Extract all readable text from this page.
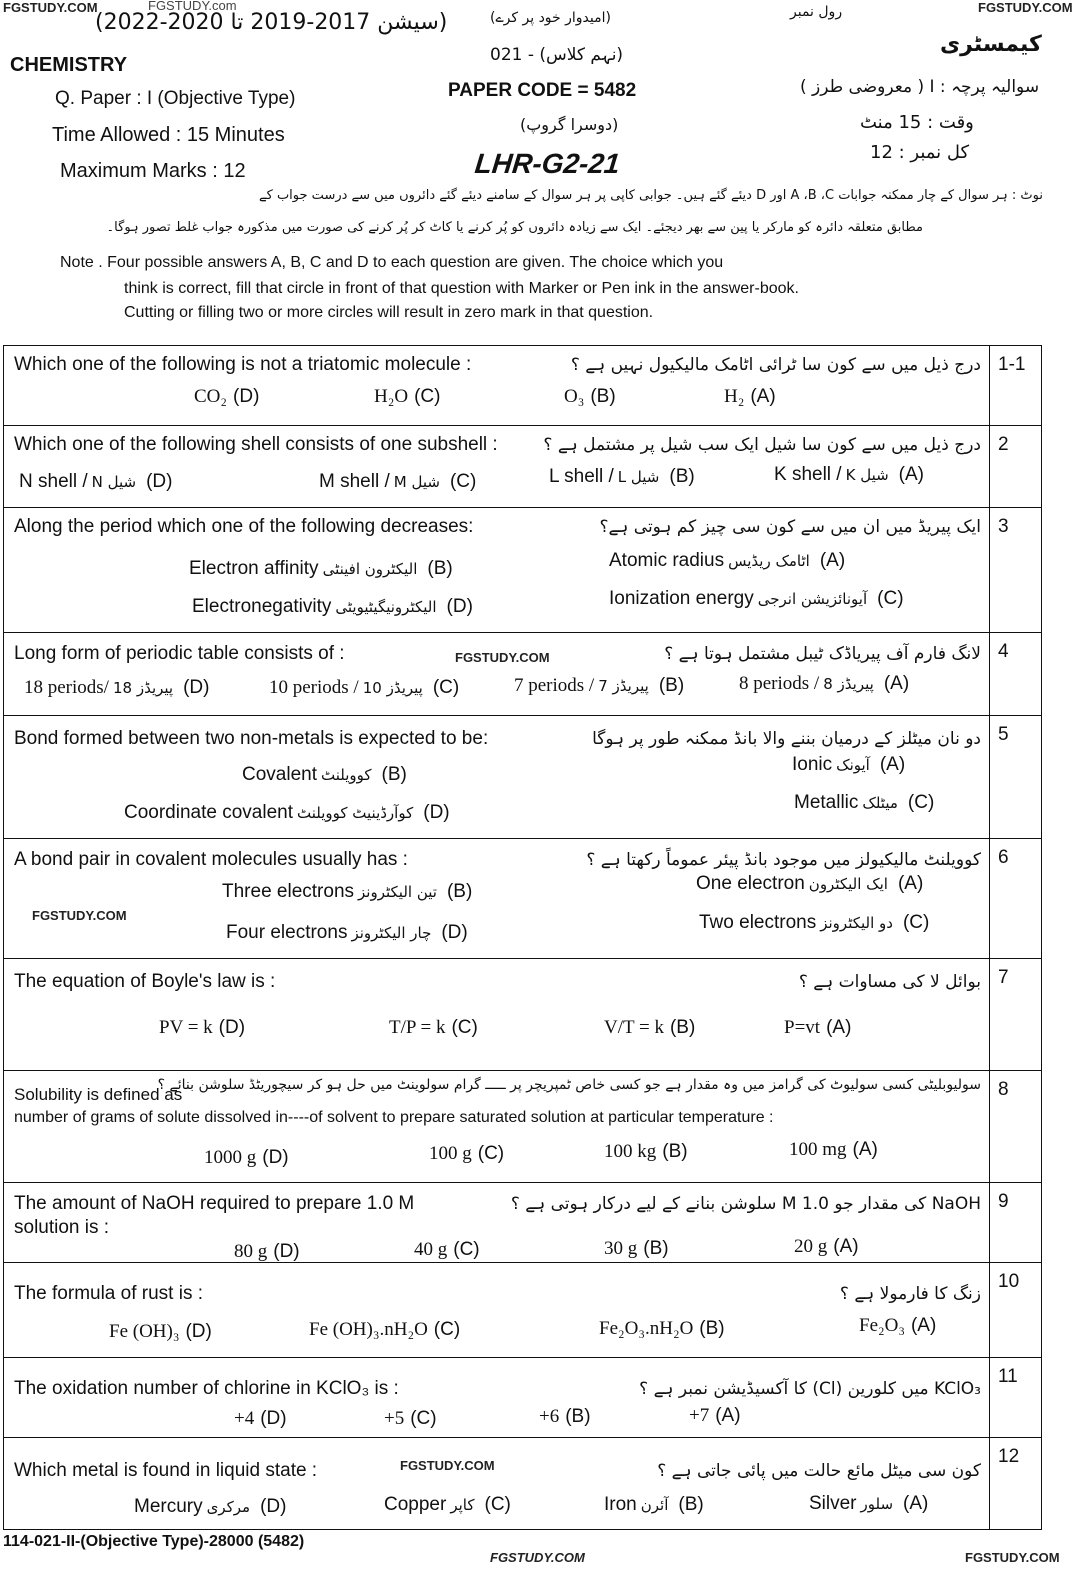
FGSTUDY.COM	FGSTUDY.com	FGSTUDY.COM
(سیشن 2017-2019 تا 2020-2022)	(امیدوار خود پر کرے)	رول نمبر
(نہم کلاس) - 021
CHEMISTRY
کیمسٹری
Q. Paper : I (Objective Type)
سوالیہ پرچہ : I ( معروضی طرز )
PAPER CODE = 5482
(دوسرا گروپ)
Time Allowed : 15 Minutes
وقت : 15 منٹ
Maximum Marks : 12
کل نمبر : 12
LHR-G2-21
نوٹ : ہر سوال کے چار ممکنہ جوابات A ،B ،C اور D دیئے گئے ہیں۔ جوابی کاپی پر ہر سوال کے سامنے دیئے گئے دائروں میں سے درست جواب کے
مطابق متعلقہ دائرہ کو مارکر یا پین سے بھر دیجئے۔ ایک سے زیادہ دائروں کو پُر کرنے یا کاٹ کر پُر کرنے کی صورت میں مذکورہ جواب غلط تصور ہوگا۔
Note . Four possible answers A, B, C and D to each question are given. The choice which you
think is correct, fill that circle in front of that question with Marker or Pen ink in the answer-book.
Cutting or filling two or more circles will result in zero mark in that question.
Which one of the following is not a triatomic molecule :	درج ذیل میں سے کون سا ٹرائی اٹامک مالیکیول نہیں ہے ؟ 1-1
CO₂ (D)	H₂O (C)	O₃ (B)	H₂ (A)
Which one of the following shell consists of one subshell :	درج ذیل میں سے کون سا شیل ایک سب شیل پر مشتمل ہے ؟ 2
N shell / N شیل (D)	M shell / M شیل (C)	L shell / L شیل (B)	K shell / K شیل (A)
Along the period which one of the following decreases:	ایک پیریڈ میں ان میں سے کون سی چیز کم ہوتی ہے؟ 3
Electron affinity الیکٹرون افینٹی (B)	Atomic radius اٹامک ریڈیس (A)
Electronegativity الیکٹرونیگیٹیویٹی (D)	Ionization energy آیونائزیشن انرجی (C)
Long form of periodic table consists of :	لانگ فارم آف پیریاڈک ٹیبل مشتمل ہوتا ہے ؟ 4
18 periods/ 18 پیریڈز (D)	10 periods / 10 پیریڈز (C)	7 periods / 7 پیریڈز (B)	8 periods / 8 پیریڈز (A)
Bond formed between two non-metals is expected to be:	دو نان میٹلز کے درمیان بننے والا بانڈ ممکنہ طور پر ہوگا 5
Covalent کوویلنٹ (B)	Ionic آیونک (A)
Coordinate covalent کوآرڈینیٹ کوویلنٹ (D)	Metallic میٹلک (C)
A bond pair in covalent molecules usually has :	کوویلنٹ مالیکیولز میں موجود بانڈ پیئر عموماً رکھتا ہے ؟ 6
Three electrons تین الیکٹرونز (B)	One electron ایک الیکٹرون (A)
Four electrons چار الیکٹرونز (D)	Two electrons دو الیکٹرونز (C)
The equation of Boyle's law is :	بوائل لا کی مساوات ہے ؟ 7
PV = k (D)	T/P = k (C)	V/T = k (B)	P=vt (A)
Solubility is defined as
number of grams of solute dissolved in----of solvent to prepare saturated solution at particular temperature :
سولیوبلیٹی کسی سولیوٹ کی گرامز میں وہ مقدار ہے جو کسی خاص ٹمپریچر پر ـــــ گرام سولوینٹ میں حل ہو کر سیچوریٹڈ سلوشن بنائے ؟ 8
1000 g (D)	100 g (C)	100 kg (B)	100 mg (A)
The amount of NaOH required to prepare 1.0 M
solution is :
NaOH کی مقدار جو 1.0 M سلوشن بنانے کے لیے درکار ہوتی ہے ؟ 9
80 g (D)	40 g (C)	30 g (B)	20 g (A)
The formula of rust is :	زنگ کا فارمولا ہے ؟
10
Fe (OH)₃ (D)	Fe (OH)₃.nH₂O (C)	Fe₂O₃.nH₂O (B)	Fe₂O₃ (A)
The oxidation number of chlorine in KClO₃ is :	KClO₃ میں کلورین (Cl) کا آکسیڈیشن نمبر ہے ؟
11
+4 (D)	+5 (C)	+6 (B)	+7 (A)
Which metal is found in liquid state :	کون سی میٹل مائع حالت میں پائی جاتی ہے ؟
12
Mercury مرکری (D)	Copper کاپر (C)	Iron آئرن (B)	Silver سلور (A)
FGSTUDY.COM
FGSTUDY.COM
FGSTUDY.COM
114-021-II-(Objective Type)-28000 (5482)
FGSTUDY.COM	FGSTUDY.COM
